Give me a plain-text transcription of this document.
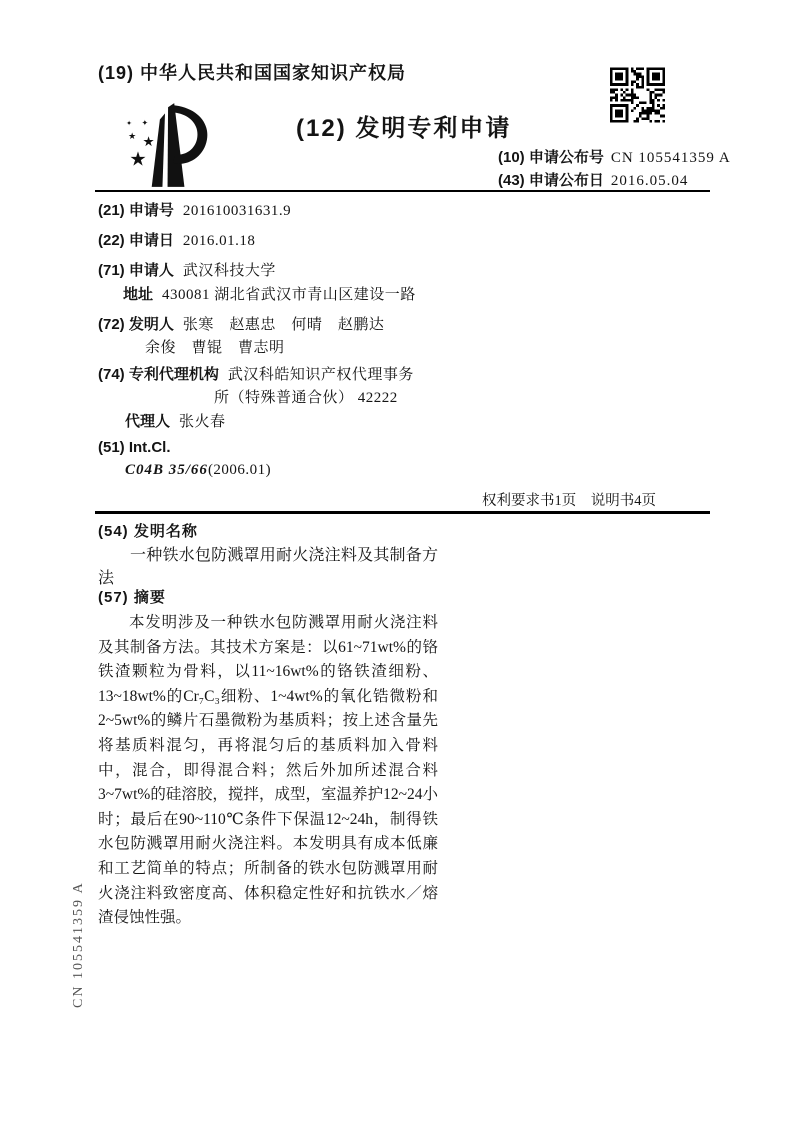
(19) 中华人民共和国国家知识产权局
★
★
★
✦
✦	(12) 发明专利申请
(10) 申请公布号 CN 105541359 A
(43) 申请公布日 2016.05.04
(21) 申请号 201610031631.9
(22) 申请日 2016.01.18
(71) 申请人 武汉科技大学
地址 430081 湖北省武汉市青山区建设一路
(72) 发明人 张寒　赵惠忠　何晴　赵鹏达
余俊　曹锟　曹志明
(74) 专利代理机构 武汉科皓知识产权代理事务
所（特殊普通合伙） 42222
代理人 张火春
(51) Int.Cl.
C04B 35/66 (2006.01)
权利要求书1页　说明书4页
(54) 发明名称
一种铁水包防溅罩用耐火浇注料及其制备方法
(57) 摘要
本发明涉及一种铁水包防溅罩用耐火浇注料及其制备方法。其技术方案是：以61~71wt%的铬铁渣颗粒为骨料，以11~16wt%的铬铁渣细粉、13~18wt%的Cr₇C₃细粉、1~4wt%的氧化锆微粉和2~5wt%的鳞片石墨微粉为基质料；按上述含量先将基质料混匀，再将混匀后的基质料加入骨料中，混合，即得混合料；然后外加所述混合料3~7wt%的硅溶胶，搅拌，成型，室温养护12~24小时；最后在90~110℃条件下保温12~24h，制得铁水包防溅罩用耐火浇注料。本发明具有成本低廉和工艺简单的特点；所制备的铁水包防溅罩用耐火浇注料致密度高、体积稳定性好和抗铁水／熔渣侵蚀性强。
CN 105541359 A
